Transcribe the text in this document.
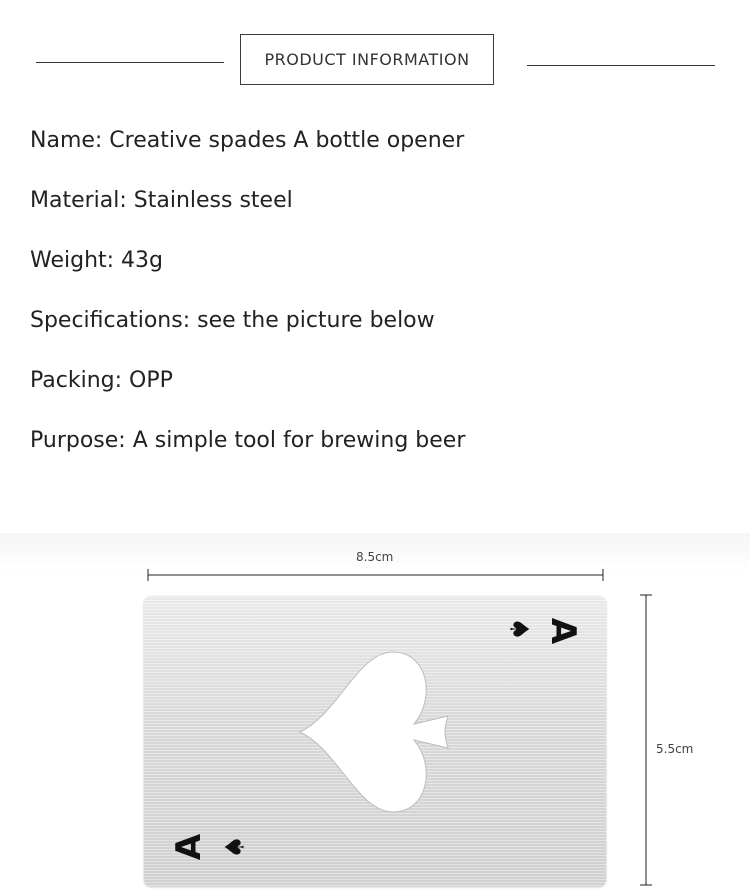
PRODUCT INFORMATION
Name: Creative spades A bottle opener
Material: Stainless steel
Weight: 43g
Specifications: see the picture below
Packing: OPP
Purpose: A simple tool for brewing beer
8.5cm
5.5cm
A
♠
A ♠
